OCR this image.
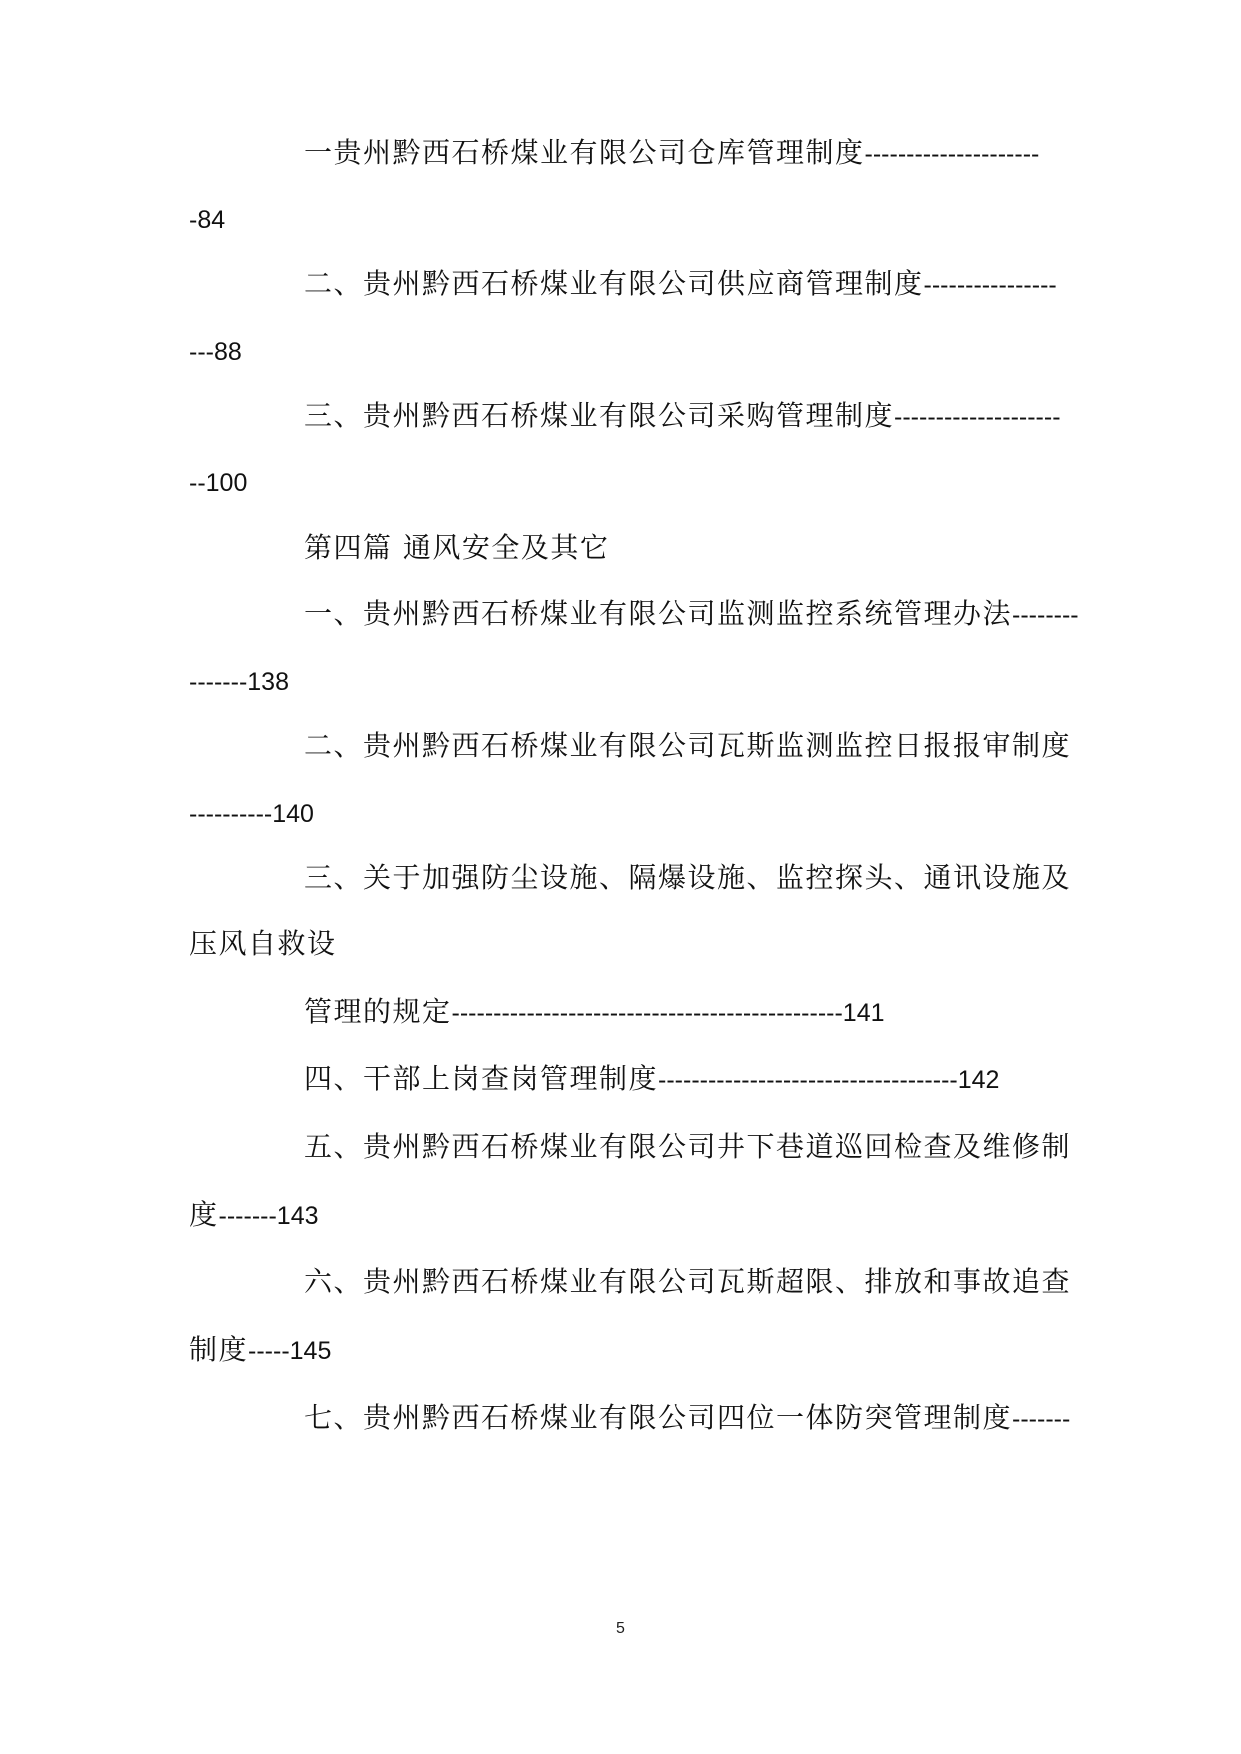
一贵州黔西石桥煤业有限公司仓库管理制度---------------------
-84
二、贵州黔西石桥煤业有限公司供应商管理制度----------------
---88
三、贵州黔西石桥煤业有限公司采购管理制度--------------------
--100
第四篇 通风安全及其它
一、贵州黔西石桥煤业有限公司监测监控系统管理办法--------
-------138
二、贵州黔西石桥煤业有限公司瓦斯监测监控日报报审制度
----------140
三、关于加强防尘设施、隔爆设施、监控探头、通讯设施及
压风自救设
管理的规定-----------------------------------------------141
四、干部上岗查岗管理制度------------------------------------142
五、贵州黔西石桥煤业有限公司井下巷道巡回检查及维修制
度-------143
六、贵州黔西石桥煤业有限公司瓦斯超限、排放和事故追查
制度-----145
七、贵州黔西石桥煤业有限公司四位一体防突管理制度-------
5
